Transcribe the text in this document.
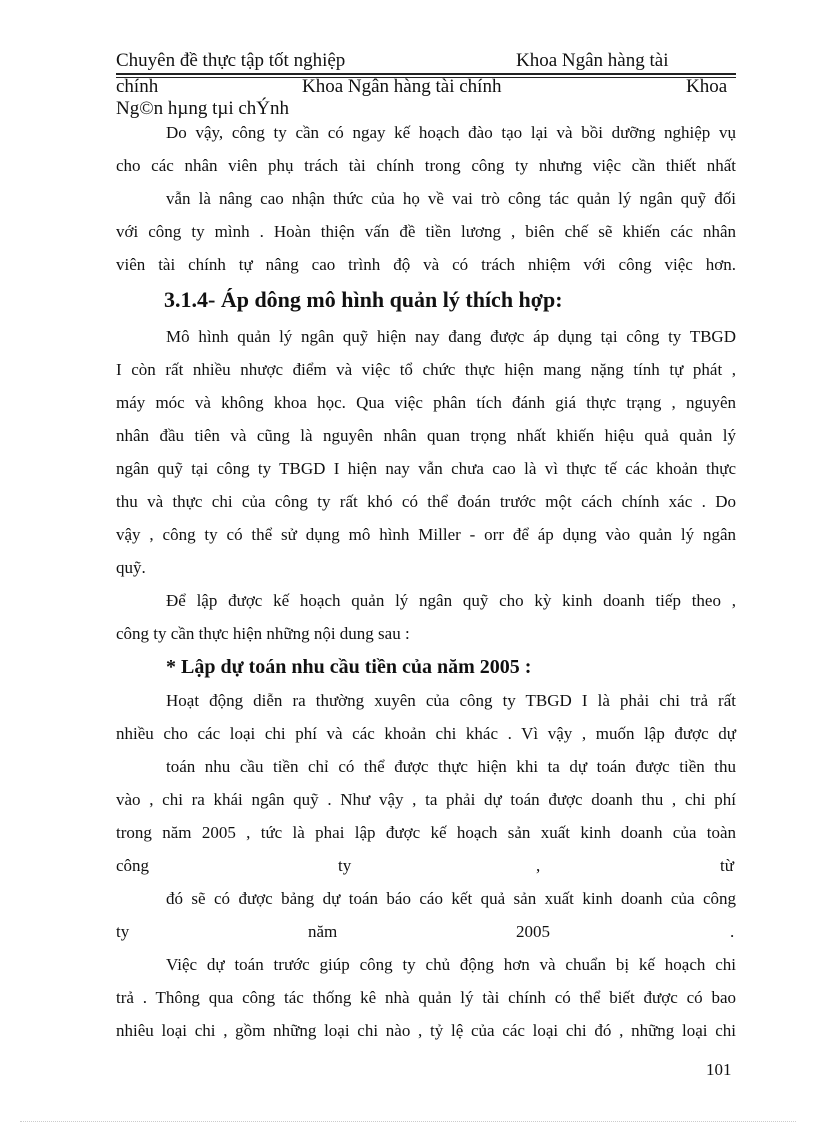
Chuyên đề thực tập tốt nghiệp	Khoa Ngân hàng tài
chính	Khoa Ngân hàng tài chính	Khoa
Ng©n hµng tµi chÝnh
Do vậy, công ty cần có ngay kế hoạch đào tạo lại và bồi dưỡng nghiệp vụ
cho các nhân viên phụ trách tài chính trong công ty nhưng việc cần thiết nhất
vẫn là nâng cao nhận thức của họ về vai trò công tác quản lý ngân quỹ đối
với công ty mình . Hoàn thiện vấn đề tiền lương , biên chế sẽ khiến các nhân
viên tài chính tự nâng cao trình độ và có trách nhiệm với công việc hơn.
3.1.4- Áp dông mô hình quản lý thích hợp:
Mô hình quản lý ngân quỹ hiện nay đang được áp dụng tại công ty TBGD
I còn rất nhiều nhược điểm và việc tổ chức thực hiện mang nặng tính tự phát ,
máy móc và không khoa học. Qua việc phân tích đánh giá thực trạng , nguyên
nhân đầu tiên và cũng là nguyên nhân quan trọng nhất khiến hiệu quả quản lý
ngân quỹ tại công ty TBGD I hiện nay vẫn chưa cao là vì thực tế các khoản thực
thu và thực chi của công ty rất khó có thể đoán trước một cách chính xác . Do
vậy , công ty có thể sử dụng mô hình Miller - orr để áp dụng vào quản lý ngân
quỹ.
Để lập được kế hoạch quản lý ngân quỹ cho kỳ kinh doanh tiếp theo ,
công ty cần thực hiện những nội dung sau :
* Lập dự toán nhu cầu tiền của năm 2005 :
Hoạt động diễn ra thường xuyên của công ty TBGD I là phải chi trả rất
nhiều cho các loại chi phí và các khoản chi khác . Vì vậy , muốn lập được dự
toán nhu cầu tiền chỉ có thể được thực hiện khi ta dự toán được tiền thu
vào , chi ra khái ngân quỹ . Như vậy , ta phải dự toán được doanh thu , chi phí
trong năm 2005 , tức là phai lập được kế hoạch sản xuất kinh doanh của toàn
công	ty	,	từ
đó sẽ có được bảng dự toán báo cáo kết quả sản xuất kinh doanh của công
ty	năm	2005	.
Việc dự toán trước giúp công ty chủ động hơn và chuẩn bị kế hoạch chi
trả . Thông qua công tác thống kê nhà quản lý tài chính có thể biết được có bao
nhiêu loại chi , gồm những loại chi nào , tỷ lệ của các loại chi đó , những loại chi
101
